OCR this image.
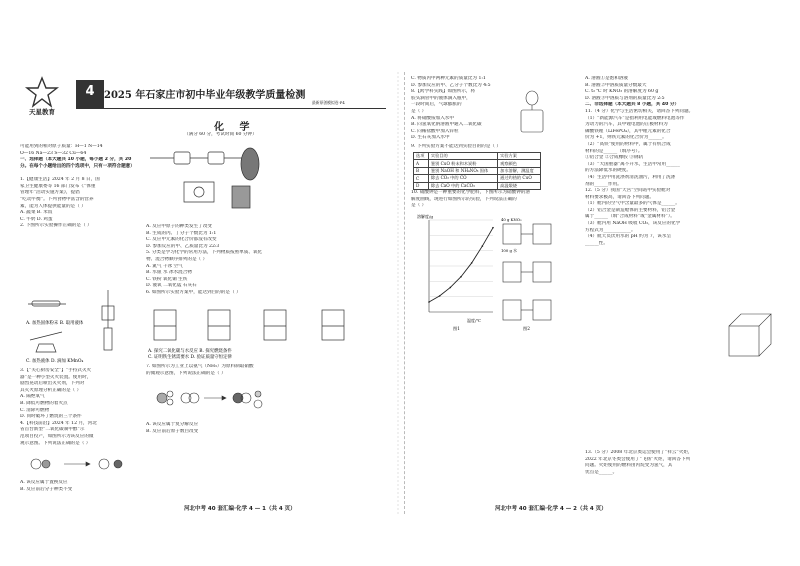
天星教育
4 2025 年石家庄市初中毕业年级教学质量检测
最新原创模拟卷·P4
化 学
（满分 60 分，考试时间 60 分钟）
可能用到的相对原子质量：H—1 N—14
O—16 Na—23 S—32 Cu—64
一、选择题（本大题共 10 小题，每小题 2 分，共 20 分。在每个小题给出的四个选项中，只有一项符合题意）
1.【健康生活】2024 年 2 月 8 日，国
家卫生健康委等 16 部门发布《“体重
管理年”活动实施方案》，提倡
“吃动平衡”。下列食物中富含的营养
素，能为人体提供能量的是（ ）
A. 蔬菜 B. 米饭
C. 牛奶 D. 鸡蛋
2. 下图所示实验操作正确的是（ ）
A. 加热固体粉末 B. 取用液体
C. 加热液体 D. 滴加 KMnO₄
3.【“关心厨房安全”】“手持式灭火
器”是一种小型灭火装置。使用时，
剧烈晃动后喷出灭火剂，下列对
其灭火原理分析正确的是（ ）
A. 隔绝氧气
B. 降低可燃物的着火点
C. 清除可燃物
D. 同时破坏了燃烧的三个条件
4.【科技前沿】2024 年 12 月，河北
省首台新型“二氧化碳制甲醇”示
范项目投产，如图所示为该反应的微
观示意图。下列说法正确的是（ ）
A. 该反应属于置换反应
B. 反应前后分子种类不变
A. 反应中原子的种类发生了改变
B. 生成的丙、丁分子个数比为 1:1
C. 反应中元素的化合价都没有改变
D. 参加反应的甲、乙质量比为 22:3
5. 分类是学习化学的常用方法，下列物质按照单质、氧化
物、混合物顺序排列的是（ ）
A. 氮气 干冰 空气
B. 水银 水 冰水混合物
C. 铁粉 氧化铜 生铁
D. 液氧 二氧化锰 石灰石
6. 如图所示实验方案中，能达到目的的是（ ）
A. 探究二氧化碳与水反应 B. 探究燃烧条件
C. 证明铁生锈需要水 D. 验证质量守恒定律
7. 如图所示为工业上以氨气（NH₃）为原料制取硝酸
的微观示意图，下列说法正确的是（ ）
A. 该反应属于复分解反应
B. 反应前后原子数目改变
河北中考 40 套汇编·化学 4 — 1（共 4 页）
C. 物质丙中两种元素的质量比为 1:1
D. 参加反应的甲、乙分子个数比为 4:5
8.【跨学科实践】如图所示，将
胶头滴管中的液体滴入瓶中，
一段时间后，气球膨胀的
是（ ）
A. 将硝酸铵加入水中
B. 向氢氧化钠溶液中通入二氧化碳
C. 向稀盐酸中加入锌粒
D. 生石灰加入水中
9. 下列实验方案不能达到实验目的的是（ ）
选项	实验目的	实验方案
A	鉴别 CuO 粉末和木炭粉	观察颜色
B	鉴别 NaOH 和 NH₄NO₃ 固体	加水溶解，测温度
C	除去 CO₂ 中的 CO	通过灼热的 CuO
D	除去 CaO 中的 CaCO₃	高温煅烧
10. 硝酸钾是一种重要的化学肥料，下图所示为硝酸钾的溶
解度曲线，现进行如图所示的实验，下列说法正确的
是（ ）
溶解度/g
温度/℃
图1
40 g KNO₃
100 g 水
图2
A. 溶液①是饱和溶液
B. 溶液②中溶质质量分数最大
C. t₂ ℃ 时 KNO₃ 的溶解度为 60 g
D. 溶液③中溶质与溶剂的质量比为 2:5
二、非选择题（本大题共 8 小题，共 40 分）
11.（4 分）化学与生活密切相关，请回答下列问题。
（1）“新能源汽车”是指利用电能或燃料电池等作
为动力的汽车，其中锂电池的正极材料为
磷酸铁锂（LiFePO₄），其中锂元素的化合
价为 +1，则铁元素的化合价为______。
（2）“高铁”使用的材料中，属于有机合成
材料的是______（填序号）。
①铝合金 ②合成橡胶 ③钢轨
（3）“大国重器”离不开水，生活中常用______
的方法降低水的硬度。
（4）生活中用洗涤剂清洗油污，利用了洗涤
剂的______作用。
12.（5 分）我国“天宫”空间站中实验舱对
材料要求极高，请回答下列问题。
（1）舱内的空气中含量最多的气体是______。
（2）铝合金是制造舱体的主要材料，铝合金
属于______（填“合成材料”或“金属材料”）。
（3）舱内用 NaOH 吸收 CO₂，该反应的化学
方程式为____________。
（4）航天员饮用水的 pH 约为 7，该水呈
______性。
13.（5 分）2008 年北京奥运会使用了“祥云”火炬，
2022 年北京冬奥会使用了“飞扬”火炬，请回答下列
问题。火炬使用的燃料由丙烷变为氢气，其
优点是______。
河北中考 40 套汇编·化学 4 — 2（共 4 页）
